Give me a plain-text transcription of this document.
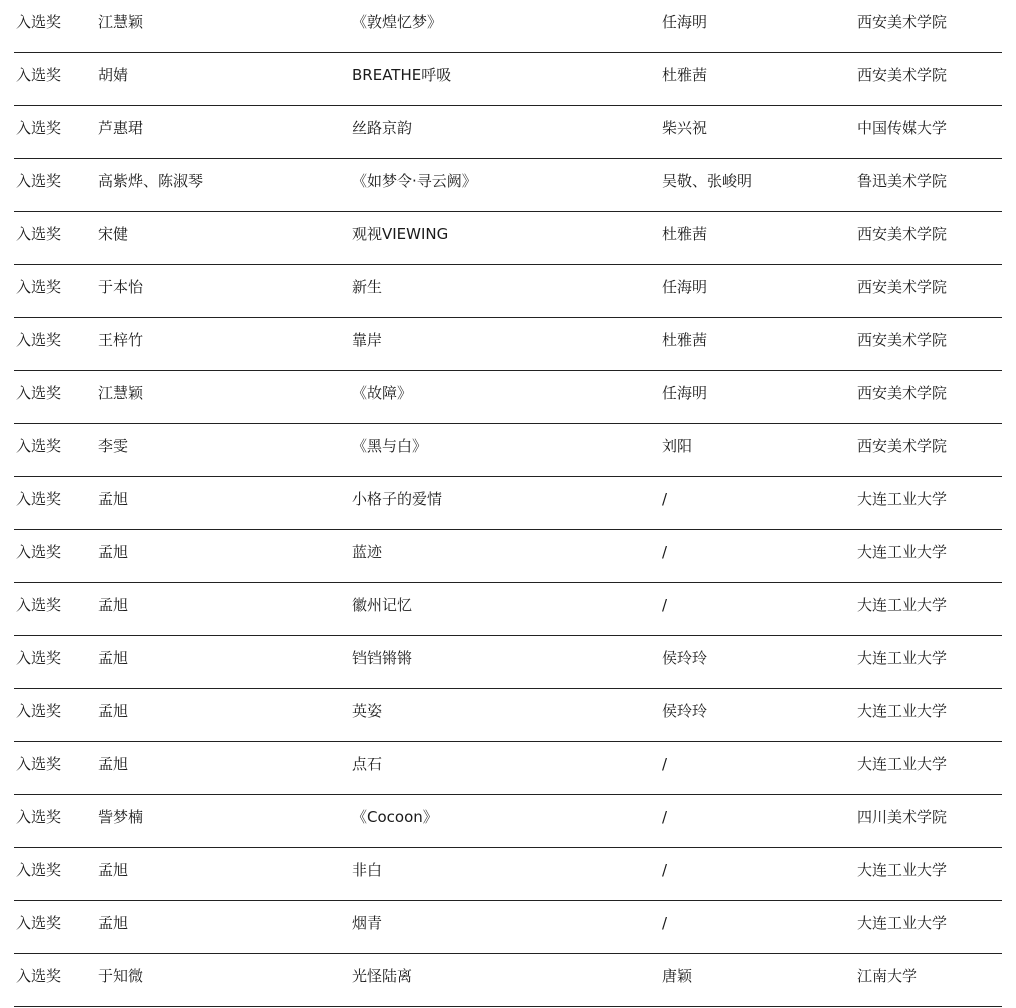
入选奖 江慧颖	《敦煌忆梦》	任海明	西安美术学院
入选奖 胡婧	BREATHE呼吸	杜雅茜	西安美术学院
入选奖 芦惠珺	丝路京韵	柴兴祝	中国传媒大学
入选奖 高紫烨、陈淑琴	《如梦令·寻云阙》	吴敬、张峻明	鲁迅美术学院
入选奖 宋健	观视VIEWING	杜雅茜	西安美术学院
入选奖 于本怡	新生	任海明	西安美术学院
入选奖 王梓竹	靠岸	杜雅茜	西安美术学院
入选奖 江慧颖	《故障》	任海明	西安美术学院
入选奖 李雯	《黑与白》	刘阳	西安美术学院
入选奖 孟旭	小格子的爱情	/	大连工业大学
入选奖 孟旭	蓝迹	/	大连工业大学
入选奖 孟旭	徽州记忆	/	大连工业大学
入选奖 孟旭	铛铛锵锵	侯玲玲	大连工业大学
入选奖 孟旭	英姿	侯玲玲	大连工业大学
入选奖 孟旭	点石	/	大连工业大学
入选奖 訾梦楠	《Cocoon》	/	四川美术学院
入选奖 孟旭	非白	/	大连工业大学
入选奖 孟旭	烟青	/	大连工业大学
入选奖 于知微	光怪陆离	唐颖	江南大学
